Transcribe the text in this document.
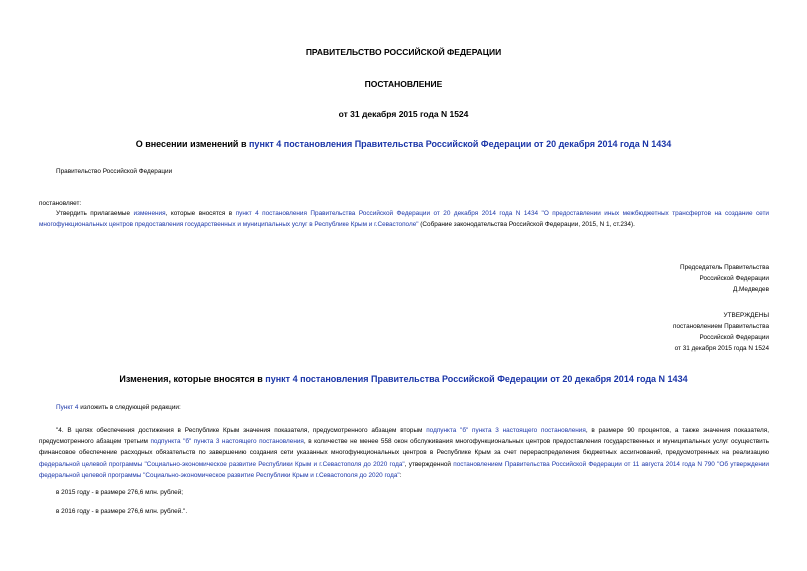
ПРАВИТЕЛЬСТВО РОССИЙСКОЙ ФЕДЕРАЦИИ
ПОСТАНОВЛЕНИЕ
от 31 декабря 2015 года N 1524
О внесении изменений в пункт 4 постановления Правительства Российской Федерации от 20 декабря 2014 года N 1434
Правительство Российской Федерации
постановляет:
Утвердить прилагаемые изменения, которые вносятся в пункт 4 постановления Правительства Российской Федерации от 20 декабря 2014 года N 1434 "О предоставлении иных межбюджетных трансфертов на создание сети многофункциональных центров предоставления государственных и муниципальных услуг в Республике Крым и г.Севастополе" (Собрание законодательства Российской Федерации, 2015, N 1, ст.234).
Председатель Правительства
Российской Федерации
Д.Медведев
УТВЕРЖДЕНЫ
постановлением Правительства
Российской Федерации
от 31 декабря 2015 года N 1524
Изменения, которые вносятся в пункт 4 постановления Правительства Российской Федерации от 20 декабря 2014 года N 1434
Пункт 4 изложить в следующей редакции:
"4. В целях обеспечения достижения в Республике Крым значения показателя, предусмотренного абзацем вторым подпункта "б" пункта 3 настоящего постановления, в размере 90 процентов, а также значения показателя, предусмотренного абзацем третьим подпункта "б" пункта 3 настоящего постановления, в количестве не менее 558 окон обслуживания многофункциональных центров предоставления государственных и муниципальных услуг осуществить финансовое обеспечение расходных обязательств по завершению создания сети указанных многофункциональных центров в Республике Крым за счет перераспределения бюджетных ассигнований, предусмотренных на реализацию федеральной целевой программы "Социально-экономическое развитие Республики Крым и г.Севастополя до 2020 года", утвержденной постановлением Правительства Российской Федерации от 11 августа 2014 года N 790 "Об утверждении федеральной целевой программы "Социально-экономическое развитие Республики Крым и г.Севастополя до 2020 года":
в 2015 году - в размере 276,6 млн. рублей;
в 2016 году - в размере 276,6 млн. рублей.".
